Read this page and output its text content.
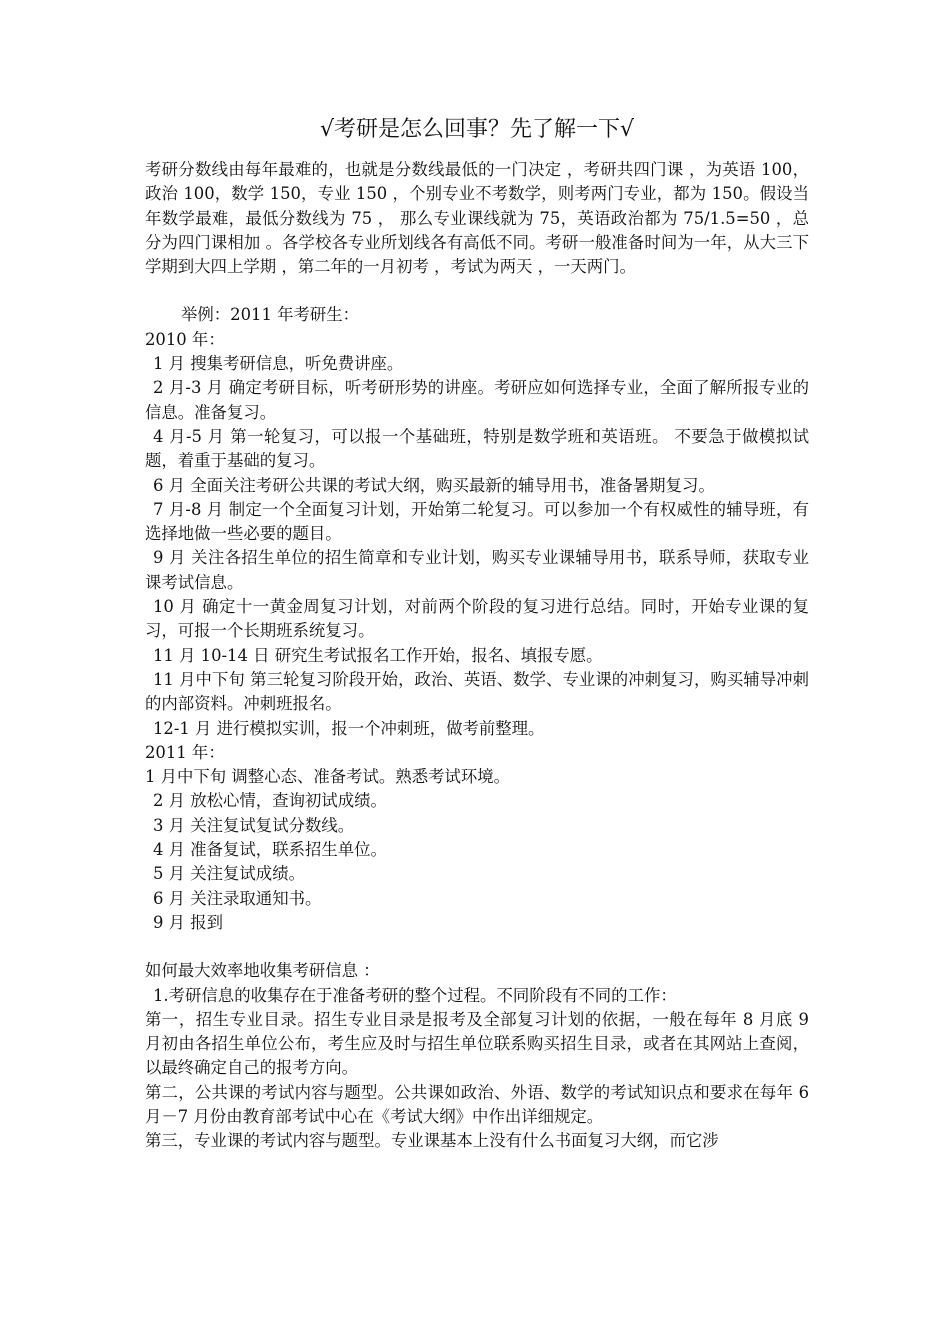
√考研是怎么回事？先了解一下√

考研分数线由每年最难的，也就是分数线最低的一门决定 ，考研共四门课 ，为英语 100，政治 100，数学 150，专业 150 ，个别专业不考数学，则考两门专业，都为 150。假设当年数学最难，最低分数线为 75 ， 那么专业课线就为 75，英语政治都为 75/1.5=50 ，总分为四门课相加 。各学校各专业所划线各有高低不同。考研一般准备时间为一年，从大三下学期到大四上学期 ，第二年的一月初考 ，考试为两天 ，一天两门。

举例：2011 年考研生：

2010 年：

1 月 搜集考研信息，听免费讲座。

2 月-3 月 确定考研目标，听考研形势的讲座。考研应如何选择专业，全面了解所报专业的信息。准备复习。

4 月-5 月 第一轮复习，可以报一个基础班，特别是数学班和英语班。 不要急于做模拟试题，着重于基础的复习。

6 月 全面关注考研公共课的考试大纲，购买最新的辅导用书，准备暑期复习。

7 月-8 月 制定一个全面复习计划，开始第二轮复习。可以参加一个有权威性的辅导班，有选择地做一些必要的题目。

9 月 关注各招生单位的招生简章和专业计划，购买专业课辅导用书，联系导师，获取专业课考试信息。

10 月 确定十一黄金周复习计划，对前两个阶段的复习进行总结。同时，开始专业课的复习，可报一个长期班系统复习。

11 月 10-14 日 研究生考试报名工作开始，报名、填报专愿。

11 月中下旬 第三轮复习阶段开始，政治、英语、数学、专业课的冲刺复习，购买辅导冲刺的内部资料。冲刺班报名。

12-1 月 进行模拟实训，报一个冲刺班，做考前整理。

2011 年：

1 月中下旬 调整心态、准备考试。熟悉考试环境。

2 月 放松心情，查询初试成绩。

3 月 关注复试复试分数线。

4 月 准备复试，联系招生单位。

5 月 关注复试成绩。

6 月 关注录取通知书。

9 月 报到

如何最大效率地收集考研信息 ：

1.考研信息的收集存在于准备考研的整个过程。不同阶段有不同的工作：

第一，招生专业目录。招生专业目录是报考及全部复习计划的依据，一般在每年 8 月底 9 月初由各招生单位公布，考生应及时与招生单位联系购买招生目录，或者在其网站上查阅，以最终确定自己的报考方向。

第二，公共课的考试内容与题型。公共课如政治、外语、数学的考试知识点和要求在每年 6 月－7 月份由教育部考试中心在《考试大纲》中作出详细规定。

第三，专业课的考试内容与题型。专业课基本上没有什么书面复习大纲，而它涉
